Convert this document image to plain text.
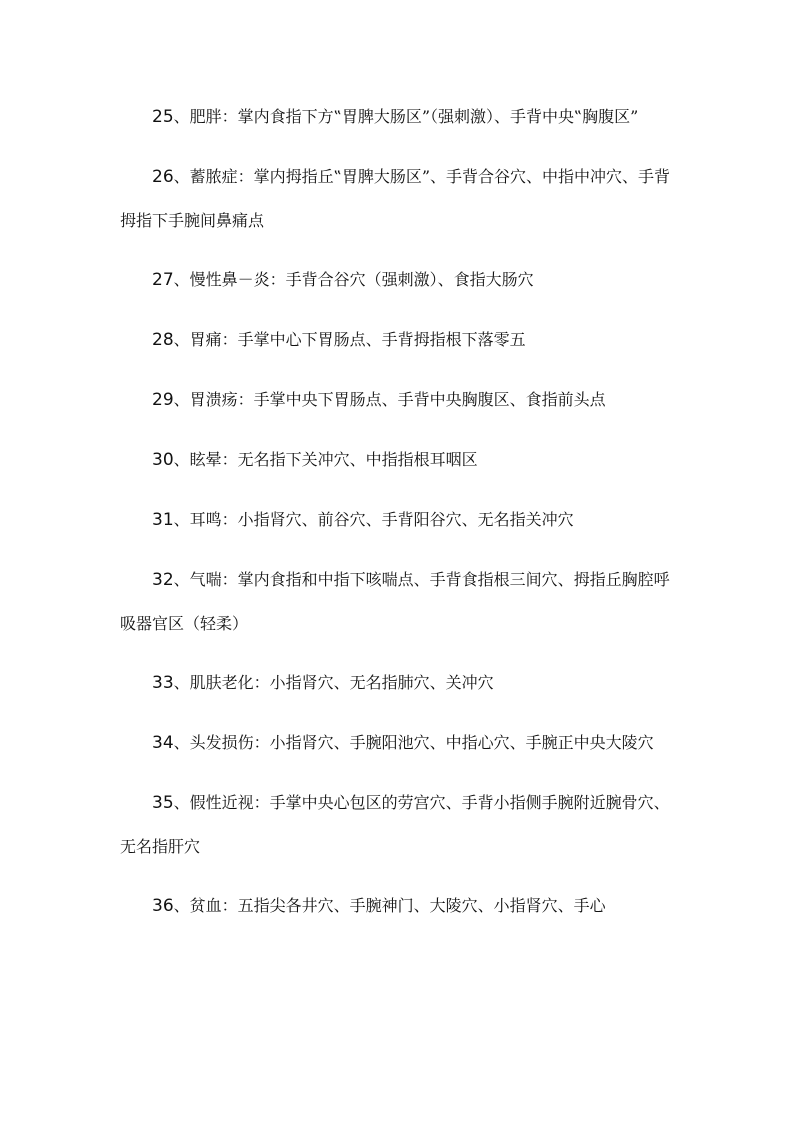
25、肥胖：掌内食指下方‟胃脾大肠区”（强刺激）、手背中央‟胸腹区”

26、蓄脓症：掌内拇指丘‟胃脾大肠区”、手背合谷穴、中指中冲穴、手背拇指下手腕间鼻痛点

27、慢性鼻－炎：手背合谷穴（强刺激）、食指大肠穴

28、胃痛：手掌中心下胃肠点、手背拇指根下落零五

29、胃溃疡：手掌中央下胃肠点、手背中央胸腹区、食指前头点

30、眩晕：无名指下关冲穴、中指指根耳咽区

31、耳鸣：小指肾穴、前谷穴、手背阳谷穴、无名指关冲穴

32、气喘：掌内食指和中指下咳喘点、手背食指根三间穴、拇指丘胸腔呼吸器官区（轻柔）

33、肌肤老化：小指肾穴、无名指肺穴、关冲穴

34、头发损伤：小指肾穴、手腕阳池穴、中指心穴、手腕正中央大陵穴

35、假性近视：手掌中央心包区的劳宫穴、手背小指侧手腕附近腕骨穴、无名指肝穴

36、贫血：五指尖各井穴、手腕神门、大陵穴、小指肾穴、手心
